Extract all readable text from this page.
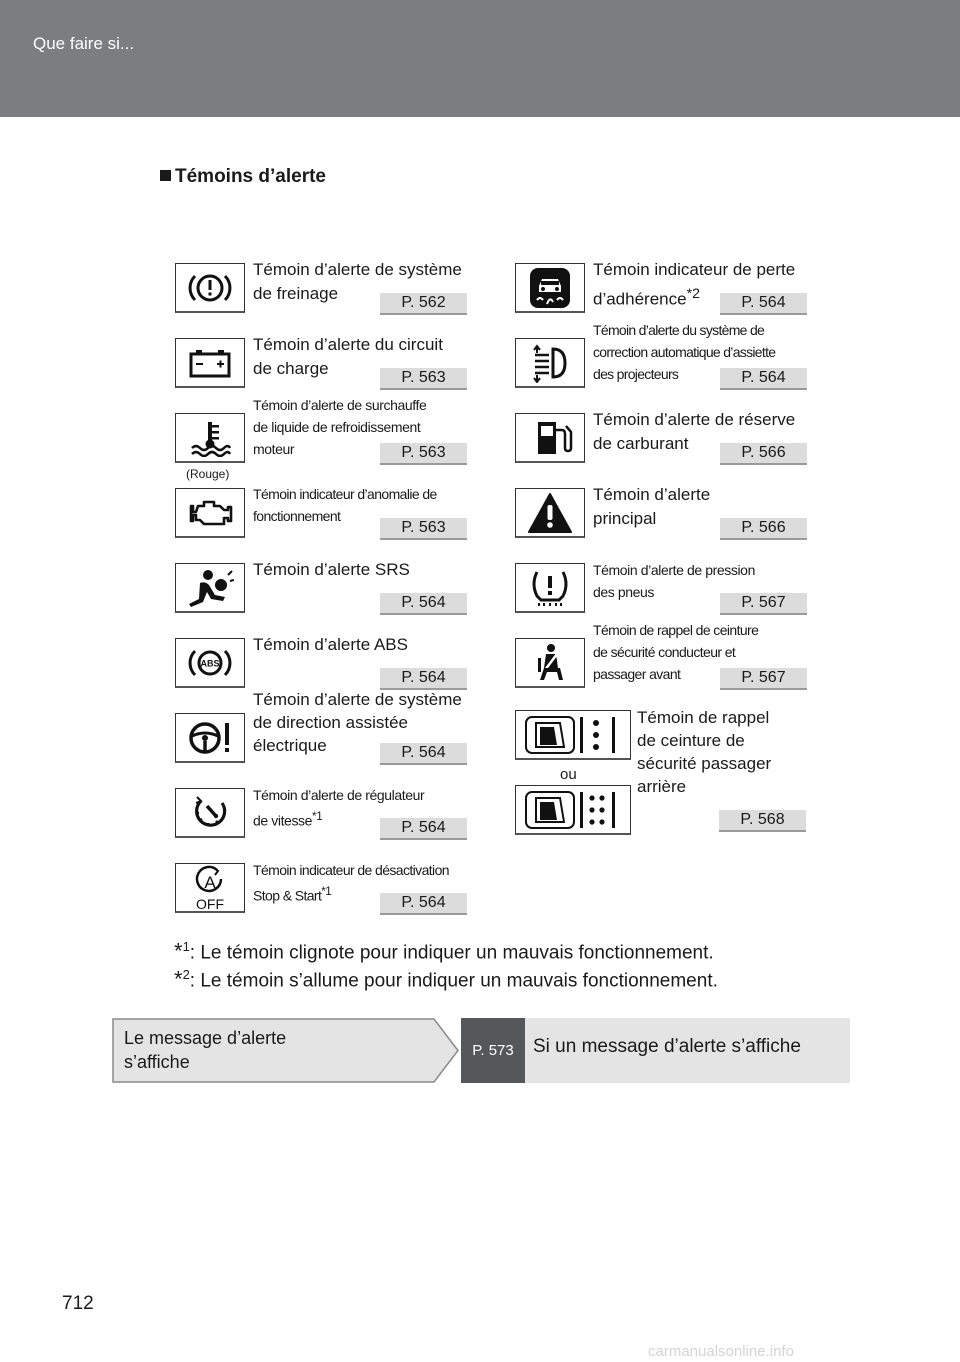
Que faire si...
Témoins d’alerte
Témoin d’alerte de système
de freinage	P. 562
Témoin d’alerte du circuit
de charge	P. 563
Témoin d’alerte de surchauffe
de liquide de refroidissement
moteur	P. 563
(Rouge)
Témoin indicateur d’anomalie de
fonctionnement
P. 563
Témoin d’alerte SRS
P. 564
ABS
Témoin d’alerte ABS
P. 564
Témoin d’alerte de système
de direction assistée
électrique	P. 564
Témoin d’alerte de régulateur
de vitesse$^{*1}$
P. 564
A
OFF
Témoin indicateur de désactivation
Stop & Start$^{*1}$
P. 564
Témoin indicateur de perte
d’adhérence$^{*2}$	P. 564
Témoin d’alerte du système de
correction automatique d’assiette
des projecteurs	P. 564
Témoin d’alerte de réserve
de carburant	P. 566
Témoin d’alerte
principal	P. 566
Témoin d’alerte de pression
des pneus
P. 567
Témoin de rappel de ceinture
de sécurité conducteur et
passager avant	P. 567
ou
Témoin de rappel
de ceinture de
sécurité passager
arrière
P. 568
*$^1$: Le témoin clignote pour indiquer un mauvais fonctionnement.
*$^2$: Le témoin s’allume pour indiquer un mauvais fonctionnement.
Le message d’alerte
s’affiche
P. 573	Si un message d’alerte s’affiche
712
carmanualsonline.info
